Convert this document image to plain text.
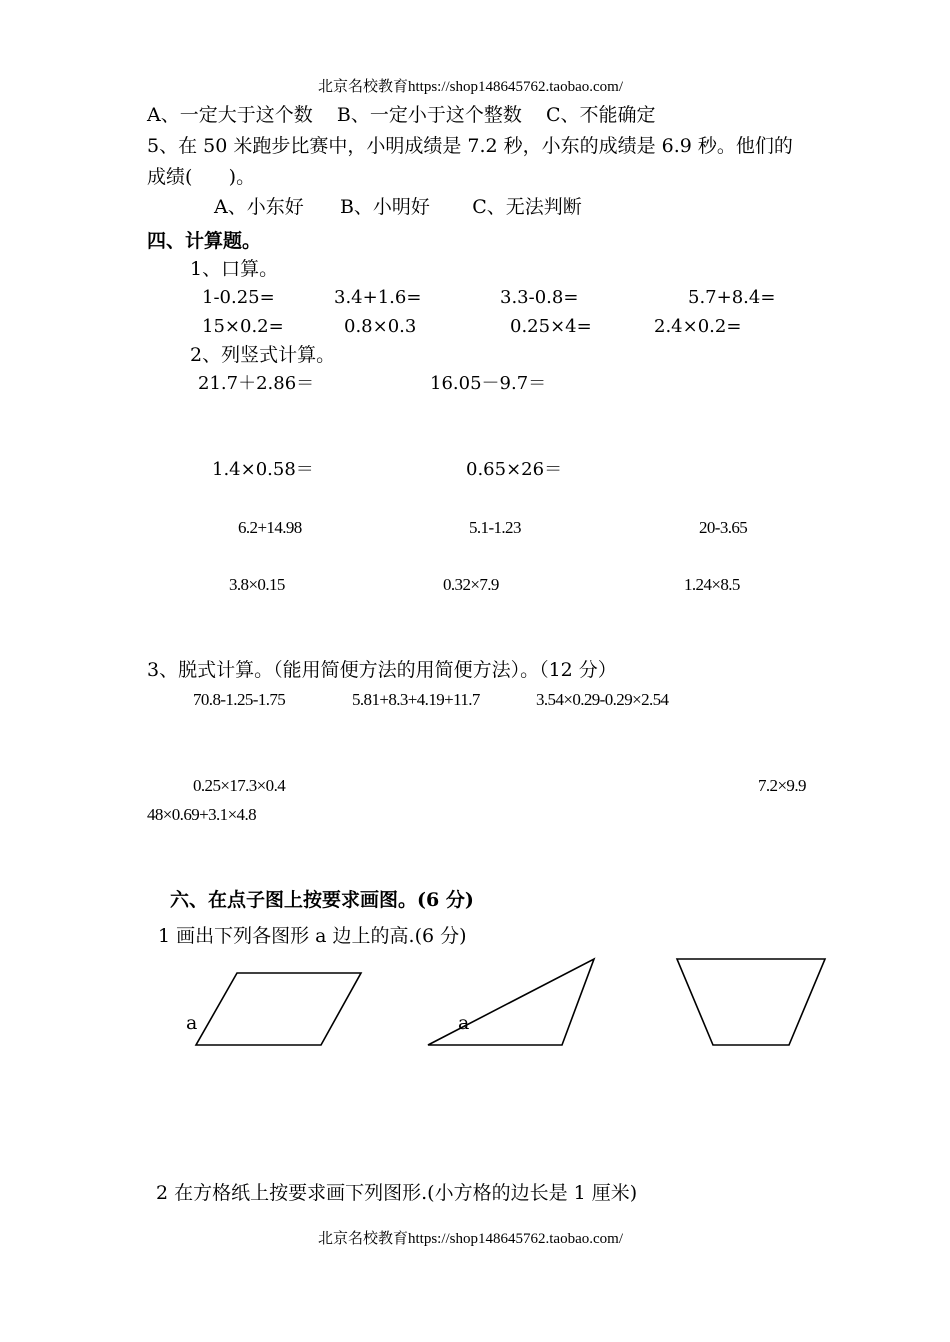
北京名校教育https://shop148645762.taobao.com/
A、一定大于这个数    B、一定小于这个整数    C、不能确定
5、在 50 米跑步比赛中，小明成绩是 7.2 秒，小东的成绩是 6.9 秒。他们的
成绩(      )。
A、小东好      B、小明好       C、无法判断
四、计算题。
1、口算。
1-0.25=	3.4+1.6=	3.3-0.8=	5.7+8.4=
15×0.2=	0.8×0.3	0.25×4=	2.4×0.2=
2、列竖式计算。
21.7＋2.86＝	16.05－9.7＝
1.4×0.58＝	0.65×26＝
6.2+14.98	5.1-1.23	20-3.65
3.8×0.15	0.32×7.9	1.24×8.5
3、脱式计算。（能用简便方法的用简便方法）。（12 分）
70.8-1.25-1.75	5.81+8.3+4.19+11.7	3.54×0.29-0.29×2.54
0.25×17.3×0.4	7.2×9.9
48×0.69+3.1×4.8
六、在点子图上按要求画图。(6 分)
1 画出下列各图形 a 边上的高.(6 分)
a	a
2 在方格纸上按要求画下列图形.(小方格的边长是 1 厘米)
北京名校教育https://shop148645762.taobao.com/
